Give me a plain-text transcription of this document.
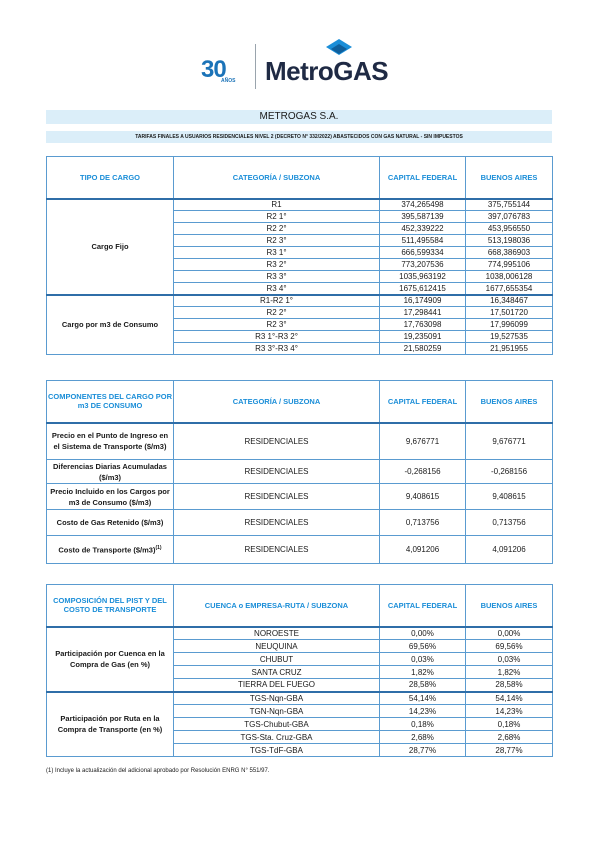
30
AÑOS MetroGAS
METROGAS S.A.
TARIFAS FINALES A USUARIOS RESIDENCIALES NIVEL 2 (DECRETO N° 332/2022) ABASTECIDOS CON GAS NATURAL - SIN IMPUESTOS
TIPO DE CARGO	CATEGORÍA / SUBZONA	CAPITAL FEDERAL	BUENOS AIRES
Cargo Fijo	R1	374,265498	375,755144
	R2 1°	395,587139	397,076783
	R2 2°	452,339222	453,956550
	R2 3°	511,495584	513,198036
	R3 1°	666,599334	668,386903
	R3 2°	773,207536	774,995106
	R3 3°	1035,963192	1038,006128
	R3 4°	1675,612415	1677,655354
Cargo por m3 de Consumo	R1-R2 1°	16,174909	16,348467
	R2 2°	17,298441	17,501720
	R2 3°	17,763098	17,996099
	R3 1°-R3 2°	19,235091	19,527535
	R3 3°-R3 4°	21,580259	21,951955
COMPONENTES DEL CARGO POR m3 DE CONSUMO	CATEGORÍA / SUBZONA	CAPITAL FEDERAL	BUENOS AIRES
Precio en el Punto de Ingreso en el Sistema de Transporte ($/m3)	RESIDENCIALES	9,676771	9,676771
Diferencias Diarias Acumuladas ($/m3)	RESIDENCIALES	-0,268156	-0,268156
Precio Incluido en los Cargos por m3 de Consumo ($/m3)	RESIDENCIALES	9,408615	9,408615
Costo de Gas Retenido ($/m3)	RESIDENCIALES	0,713756	0,713756
Costo de Transporte ($/m3)$^{(1)}$	RESIDENCIALES	4,091206	4,091206
COMPOSICIÓN DEL PIST Y DEL COSTO DE TRANSPORTE	CUENCA o EMPRESA-RUTA / SUBZONA	CAPITAL FEDERAL	BUENOS AIRES
Participación por Cuenca en la Compra de Gas (en %)	NOROESTE	0,00%	0,00%
	NEUQUINA	69,56%	69,56%
	CHUBUT	0,03%	0,03%
	SANTA CRUZ	1,82%	1,82%
	TIERRA DEL FUEGO	28,58%	28,58%
Participación por Ruta en la Compra de Transporte (en %)	TGS-Nqn-GBA	54,14%	54,14%
	TGN-Nqn-GBA	14,23%	14,23%
	TGS-Chubut-GBA	0,18%	0,18%
	TGS-Sta. Cruz-GBA	2,68%	2,68%
	TGS-TdF-GBA	28,77%	28,77%
(1) Incluye la actualización del adicional aprobado por Resolución ENRG N° 551/97.
